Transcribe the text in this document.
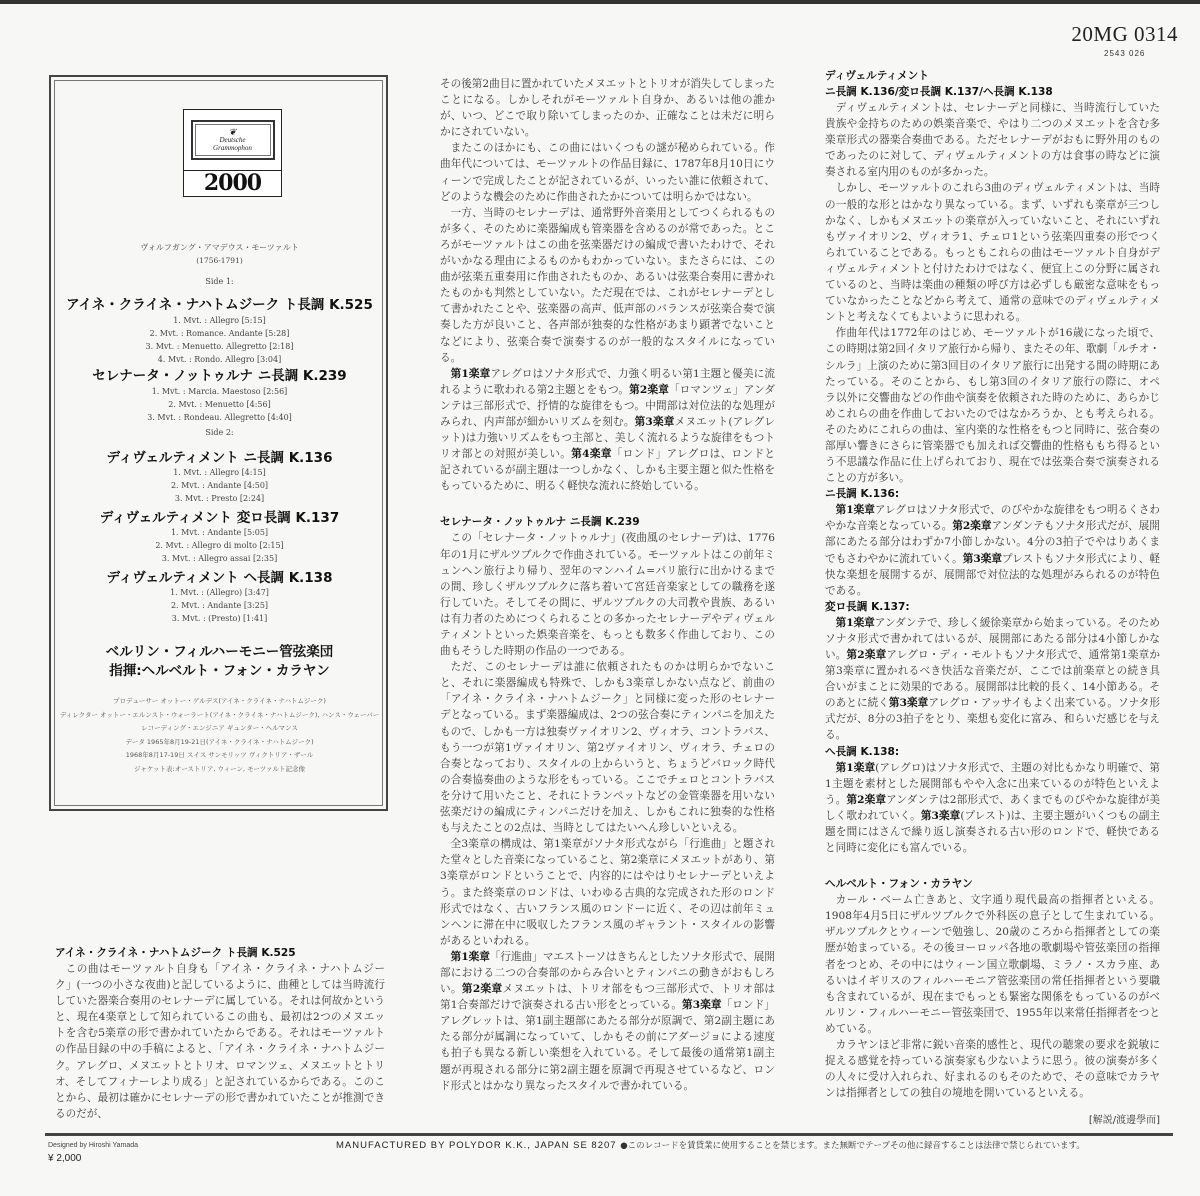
20MG 0314
2543 026
❦
Deutsche
Grammophon
2000
ヴォルフガング・アマデウス・モーツァルト
(1756-1791)
Side 1:
アイネ・クライネ・ナハトムジーク ト長調 K.525
1. Mvt. : Allegro [5:15]
2. Mvt. : Romance. Andante [5:28]
3. Mvt. : Menuetto. Allegretto [2:18]
4. Mvt. : Rondo. Allegro [3:04]
セレナータ・ノットゥルナ ニ長調 K.239
1. Mvt. : Marcia. Maestoso [2:56]
2. Mvt. : Menuetto [4:56]
3. Mvt. : Rondeau. Allegretto [4:40]
Side 2:
ディヴェルティメント ニ長調 K.136
1. Mvt. : Allegro [4:15]
2. Mvt. : Andante [4:50]
3. Mvt. : Presto [2:24]
ディヴェルティメント 変ロ長調 K.137
1. Mvt. : Andante [5:05]
2. Mvt. : Allegro di molto [2:15]
3. Mvt. : Allegro assai [2:35]
ディヴェルティメント ヘ長調 K.138
1. Mvt. : (Allegro) [3:47]
2. Mvt. : Andante [3:25]
3. Mvt. : (Presto) [1:41]
ベルリン・フィルハーモニー管弦楽団
指揮:ヘルベルト・フォン・カラヤン
プロデューサー オットー・ゲルデス(アイネ・クライネ・ナハトムジーク)
ディレクター オットー・エルンスト・ウォーラート(アイネ・クライネ・ナハトムジーク), ハンス・ウェーバー
レコーディング・エンジニア ギュンター・ヘルマンス
データ 1965年8月19-21日(アイネ・クライネ・ナハトムジーク)
1968年8月17-19日 スイス サンモリッツ ヴィクトリア・ザール
ジャケット表:オーストリア, ウィーン, モーツァルト記念像
アイネ・クライネ・ナハトムジーク ト長調 K.525

この曲はモーツァルト自身も「アイネ・クライネ・ナハトムジーク」(一つの小さな夜曲)と記しているように、曲種としては当時流行していた器楽合奏用のセレナーデに属している。それは何故かというと、現在4楽章として知られているこの曲も、最初は2つのメヌエットを含む5楽章の形で書かれていたからである。それはモーツァルトの作品目録の中の手稿によると、「アイネ・クライネ・ナハトムジーク。アレグロ、メヌエットとトリオ、ロマンツェ、メヌエットとトリオ、そしてフィナーレより成る」と記されているからである。このことから、最初は確かにセレナーデの形で書かれていたことが推測できるのだが、

その後第2曲目に置かれていたメヌエットとトリオが消失してしまったことになる。しかしそれがモーツァルト自身か、あるいは他の誰かが、いつ、どこで取り除いてしまったのか、正確なことは未だに明らかにされていない。

またこのほかにも、この曲にはいくつもの謎が秘められている。作曲年代については、モーツァルトの作品目録に、1787年8月10日にウィーンで完成したことが記されているが、いったい誰に依頼されて、どのような機会のために作曲されたかについては明らかではない。

一方、当時のセレナーデは、通常野外音楽用としてつくられるものが多く、そのために楽器編成も管楽器を含めるのが常であった。ところがモーツァルトはこの曲を弦楽器だけの編成で書いたわけで、それがいかなる理由によるものかもわかっていない。またさらには、この曲が弦楽五重奏用に作曲されたものか、あるいは弦楽合奏用に書かれたものかも判然としていない。ただ現在では、これがセレナーデとして書かれたことや、弦楽器の高声、低声部のバランスが弦楽合奏で演奏した方が良いこと、各声部が独奏的な性格があまり顕著でないことなどにより、弦楽合奏で演奏するのが一般的なスタイルになっている。

第1楽章アレグロはソナタ形式で、力強く明るい第1主題と優美に流れるように歌われる第2主題とをもつ。第2楽章「ロマンツェ」アンダンテは三部形式で、抒情的な旋律をもつ。中間部は対位法的な処理がみられ、内声部が細かいリズムを刻む。第3楽章メヌエット(アレグレット)は力強いリズムをもつ主部と、美しく流れるような旋律をもつトリオ部との対照が美しい。第4楽章「ロンド」アレグロは、ロンドと記されているが副主題は一つしかなく、しかも主要主題と似た性格をもっているために、明るく軽快な流れに終始している。

セレナータ・ノットゥルナ ニ長調 K.239

この「セレナータ・ノットゥルナ」(夜曲風のセレナーデ)は、1776年の1月にザルツブルクで作曲されている。モーツァルトはこの前年ミュンヘン旅行より帰り、翌年のマンハイム=パリ旅行に出かけるまでの間、珍しくザルツブルクに落ち着いて宮廷音楽家としての職務を遂行していた。そしてその間に、ザルツブルクの大司教や貴族、あるいは有力者のためにつくられることの多かったセレナーデやディヴェルティメントといった娯楽音楽を、もっとも数多く作曲しており、この曲もそうした時期の作品の一つである。

ただ、このセレナーデは誰に依頼されたものかは明らかでないこと、それに楽器編成も特殊で、しかも3楽章しかない点など、前曲の「アイネ・クライネ・ナハトムジーク」と同様に変った形のセレナーデとなっている。まず楽器編成は、2つの弦合奏にティンパニを加えたもので、しかも一方は独奏ヴァイオリン2、ヴィオラ、コントラバス、もう一つが第1ヴァイオリン、第2ヴァイオリン、ヴィオラ、チェロの合奏となっており、スタイルの上からいうと、ちょうどバロック時代の合奏協奏曲のような形をもっている。ここでチェロとコントラバスを分けて用いたこと、それにトランペットなどの金管楽器を用いない弦楽だけの編成にティンパニだけを加え、しかもこれに独奏的な性格も与えたことの2点は、当時としてはたいへん珍しいといえる。

全3楽章の構成は、第1楽章がソナタ形式ながら「行進曲」と題された堂々とした音楽になっていること、第2楽章にメヌエットがあり、第3楽章がロンドということで、内容的にはやはりセレナーデといえよう。また終楽章のロンドは、いわゆる古典的な完成された形のロンド形式ではなく、古いフランス風のロンドーに近く、その辺は前年ミュンヘンに滞在中に吸収したフランス風のギャラント・スタイルの影響があるといわれる。

第1楽章「行進曲」マエストーソはきちんとしたソナタ形式で、展開部における二つの合奏部のからみ合いとティンパニの動きがおもしろい。第2楽章メヌエットは、トリオ部をもつ三部形式で、トリオ部は第1合奏部だけで演奏される古い形をとっている。第3楽章「ロンド」アレグレットは、第1副主題部にあたる部分が原調で、第2副主題にあたる部分が属調になっていて、しかもその前にアダージョによる速度も拍子も異なる新しい楽想を入れている。そして最後の通常第1副主題が再現される部分に第2副主題を原調で再現させているなど、ロンド形式とはかなり異なったスタイルで書かれている。

ディヴェルティメント
ニ長調 K.136/変ロ長調 K.137/ヘ長調 K.138

ディヴェルティメントは、セレナーデと同様に、当時流行していた貴族や金持ちのための娯楽音楽で、やはり二つのメヌエットを含む多楽章形式の器楽合奏曲である。ただセレナーデがおもに野外用のものであったのに対して、ディヴェルティメントの方は食事の時などに演奏される室内用のものが多かった。

しかし、モーツァルトのこれら3曲のディヴェルティメントは、当時の一般的な形とはかなり異なっている。まず、いずれも楽章が三つしかなく、しかもメヌエットの楽章が入っていないこと、それにいずれもヴァイオリン2、ヴィオラ1、チェロ1という弦楽四重奏の形でつくられていることである。もっともこれらの曲はモーツァルト自身がディヴェルティメントと付けたわけではなく、便宜上この分野に属されているのと、当時は楽曲の種類の呼び方は必ずしも厳密な意味をもっていなかったことなどから考えて、通常の意味でのディヴェルティメントと考えなくてもよいように思われる。

作曲年代は1772年のはじめ、モーツァルトが16歳になった頃で、この時期は第2回イタリア旅行から帰り、またその年、歌劇「ルチオ・シルラ」上演のために第3回目のイタリア旅行に出発する間の時期にあたっている。そのことから、もし第3回のイタリア旅行の際に、オペラ以外に交響曲などの作曲や演奏を依頼された時のために、あらかじめこれらの曲を作曲しておいたのではなかろうか、とも考えられる。そのためにこれらの曲は、室内楽的な性格をもつと同時に、弦合奏の部厚い響きにさらに管楽器でも加えれば交響曲的性格ももち得るという不思議な作品に仕上げられており、現在では弦楽合奏で演奏されることの方が多い。

ニ長調 K.136:

第1楽章アレグロはソナタ形式で、のびやかな旋律をもつ明るくさわやかな音楽となっている。第2楽章アンダンテもソナタ形式だが、展開部にあたる部分はわずか7小節しかない。4分の3拍子でやはりあくまでもさわやかに流れていく。第3楽章プレストもソナタ形式により、軽快な楽想を展開するが、展開部で対位法的な処理がみられるのが特色である。

変ロ長調 K.137:

第1楽章アンダンテで、珍しく緩徐楽章から始まっている。そのためソナタ形式で書かれてはいるが、展開部にあたる部分は4小節しかない。第2楽章アレグロ・ディ・モルトもソナタ形式で、通常第1楽章か第3楽章に置かれるべき快活な音楽だが、ここでは前楽章との続き具合いがまことに効果的である。展開部は比較的長く、14小節ある。そのあとに続く第3楽章アレグロ・アッサイもよく出来ている。ソナタ形式だが、8分の3拍子をとり、楽想も変化に富み、和らいだ感じを与える。

ヘ長調 K.138:

第1楽章(アレグロ)はソナタ形式で、主題の対比もかなり明確で、第1主題を素材とした展開部もやや入念に出来ているのが特色といえよう。第2楽章アンダンテは2部形式で、あくまでものびやかな旋律が美しく歌われていく。第3楽章(プレスト)は、主要主題がいくつもの副主題を間にはさんで繰り返し演奏される古い形のロンドで、軽快であると同時に変化にも富んでいる。

ヘルベルト・フォン・カラヤン

カール・ベーム亡きあと、文字通り現代最高の指揮者といえる。1908年4月5日にザルツブルクで外科医の息子として生まれている。ザルツブルクとウィーンで勉強し、20歳のころから指揮者としての楽歴が始まっている。その後ヨーロッパ各地の歌劇場や管弦楽団の指揮者をつとめ、その中にはウィーン国立歌劇場、ミラノ・スカラ座、あるいはイギリスのフィルハーモニア管弦楽団の常任指揮者という要職も含まれているが、現在までもっとも緊密な関係をもっているのがベルリン・フィルハーモニー管弦楽団で、1955年以来常任指揮者をつとめている。

カラヤンほど非常に鋭い音楽的感性と、現代の聴衆の要求を鋭敏に捉える感覚を持っている演奏家も少ないように思う。彼の演奏が多くの人々に受け入れられ、好まれるのもそのためで、その意味でカラヤンは指揮者としての独自の境地を開いているといえる。

[解説/渡邊學而]
Designed by Hiroshi Yamada
¥ 2,000
MANUFACTURED BY POLYDOR K.K., JAPAN SE 8207 ●このレコードを賃貸業に使用することを禁じます。また無断でテープその他に録音することは法律で禁じられています。
